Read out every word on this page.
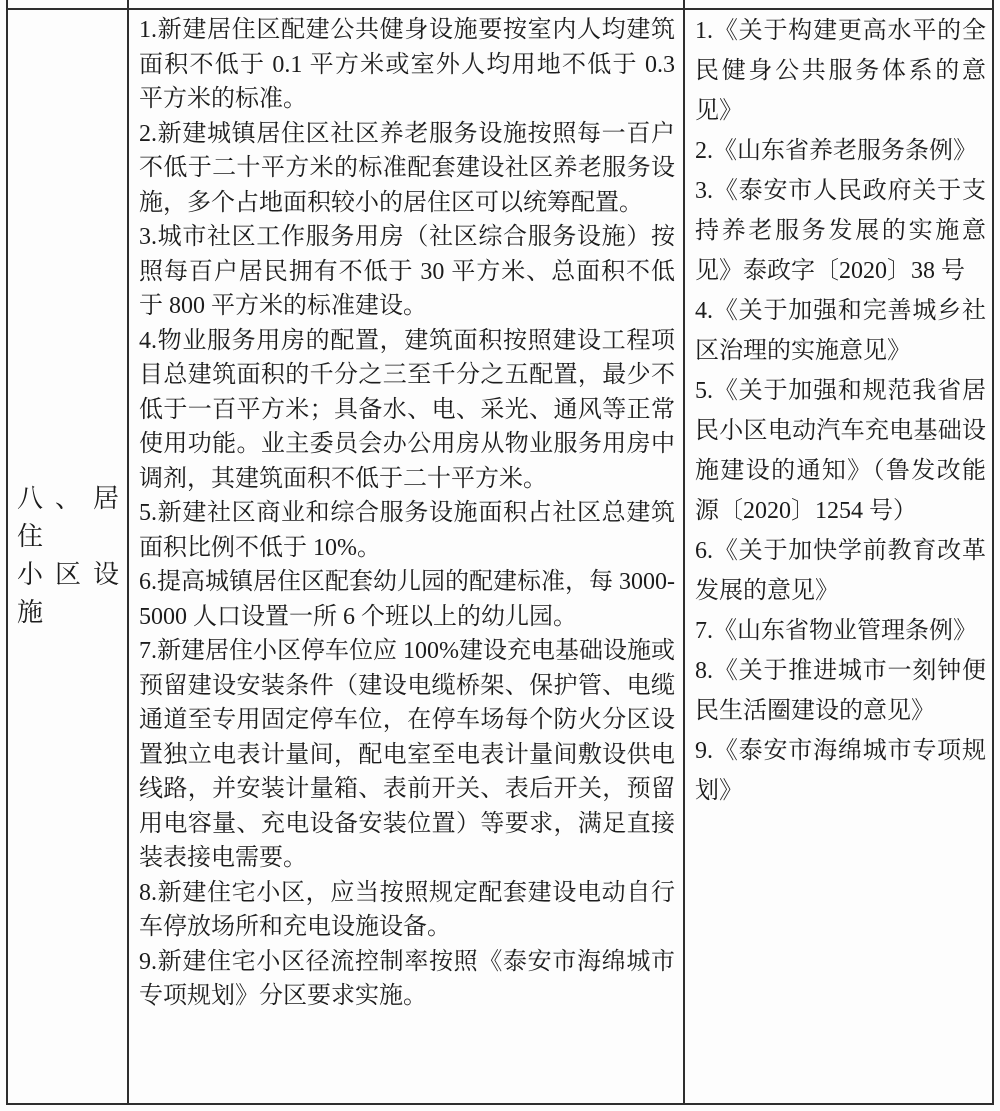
八、居住
小区设
施

1.新建居住区配建公共健身设施要按室内人均建筑面积不低于 0.1 平方米或室外人均用地不低于 0.3 平方米的标准。

2.新建城镇居住区社区养老服务设施按照每一百户不低于二十平方米的标准配套建设社区养老服务设施，多个占地面积较小的居住区可以统筹配置。

3.城市社区工作服务用房（社区综合服务设施）按照每百户居民拥有不低于 30 平方米、总面积不低于 800 平方米的标准建设。

4.物业服务用房的配置，建筑面积按照建设工程项目总建筑面积的千分之三至千分之五配置，最少不低于一百平方米；具备水、电、采光、通风等正常使用功能。业主委员会办公用房从物业服务用房中调剂，其建筑面积不低于二十平方米。

5.新建社区商业和综合服务设施面积占社区总建筑面积比例不低于 10%。

6.提高城镇居住区配套幼儿园的配建标准，每 3000-5000 人口设置一所 6 个班以上的幼儿园。

7.新建居住小区停车位应 100%建设充电基础设施或预留建设安装条件（建设电缆桥架、保护管、电缆通道至专用固定停车位，在停车场每个防火分区设置独立电表计量间，配电室至电表计量间敷设供电线路，并安装计量箱、表前开关、表后开关，预留用电容量、充电设备安装位置）等要求，满足直接装表接电需要。

8.新建住宅小区，应当按照规定配套建设电动自行车停放场所和充电设施设备。

9.新建住宅小区径流控制率按照《泰安市海绵城市专项规划》分区要求实施。

1.《关于构建更高水平的全民健身公共服务体系的意见》

2.《山东省养老服务条例》

3.《泰安市人民政府关于支持养老服务发展的实施意见》泰政字〔2020〕38 号

4.《关于加强和完善城乡社区治理的实施意见》

5.《关于加强和规范我省居民小区电动汽车充电基础设施建设的通知》（鲁发改能源〔2020〕1254 号）

6.《关于加快学前教育改革发展的意见》

7.《山东省物业管理条例》

8.《关于推进城市一刻钟便民生活圈建设的意见》

9.《泰安市海绵城市专项规划》
